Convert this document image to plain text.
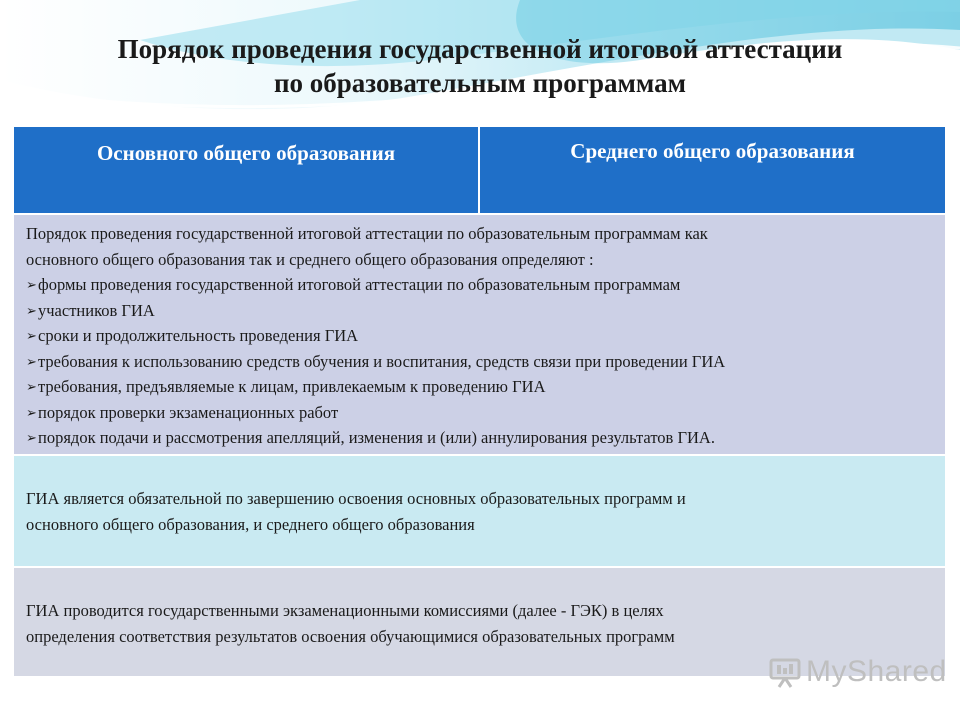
Порядок проведения государственной итоговой аттестации
по образовательным программам
Основного общего образования	Среднего общего образования
Порядок проведения государственной итоговой аттестации по образовательным программам как
основного общего образования так и среднего общего образования определяют :
➢ формы проведения государственной итоговой аттестации по образовательным программам
➢ участников ГИА
➢ сроки и продолжительность проведения ГИА
➢ требования к использованию средств обучения и воспитания, средств связи при проведении ГИА
➢ требования, предъявляемые к лицам, привлекаемым к проведению ГИА
➢ порядок проверки экзаменационных работ
➢ порядок подачи и рассмотрения апелляций, изменения и (или) аннулирования результатов ГИА.
ГИА является обязательной по завершению освоения основных образовательных программ и
основного общего образования, и среднего общего образования
ГИА проводится государственными экзаменационными комиссиями (далее - ГЭК) в целях
определения соответствия результатов освоения обучающимися образовательных программ
MyShared
